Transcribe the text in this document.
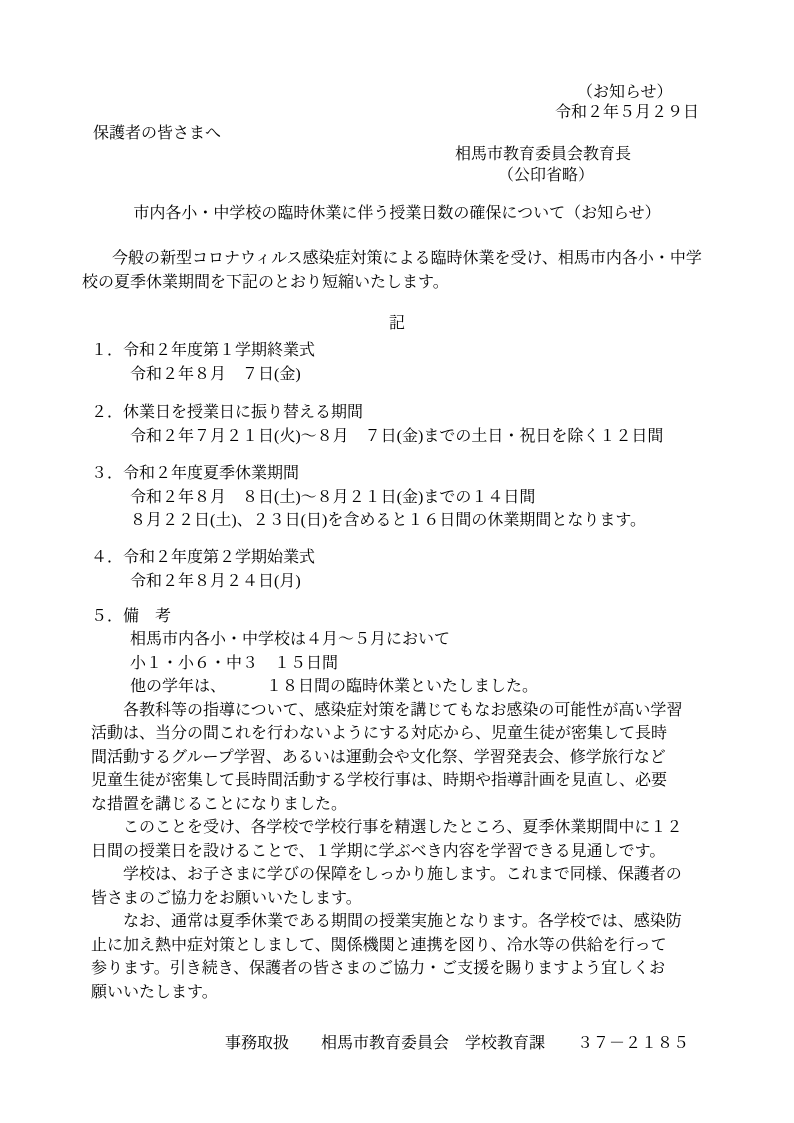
（お知らせ）
令和２年５月２９日
保護者の皆さまへ
相馬市教育委員会教育長
（公印省略）
市内各小・中学校の臨時休業に伴う授業日数の確保について（お知らせ）
今般の新型コロナウィルス感染症対策による臨時休業を受け、相馬市内各小・中学
校の夏季休業期間を下記のとおり短縮いたします。
記
１．令和２年度第１学期終業式
令和２年８月　７日(金)
２．休業日を授業日に振り替える期間
令和２年７月２１日(火)～８月　７日(金)までの土日・祝日を除く１２日間
３．令和２年度夏季休業期間
令和２年８月　８日(土)～８月２１日(金)までの１４日間
８月２２日(土)、２３日(日)を含めると１６日間の休業期間となります。
４．令和２年度第２学期始業式
令和２年８月２４日(月)
５．備　考
相馬市内各小・中学校は４月～５月において
小１・小６・中３　１５日間
他の学年は、　　　１８日間の臨時休業といたしました。
各教科等の指導について、感染症対策を講じてもなお感染の可能性が高い学習
活動は、当分の間これを行わないようにする対応から、児童生徒が密集して長時
間活動するグループ学習、あるいは運動会や文化祭、学習発表会、修学旅行など
児童生徒が密集して長時間活動する学校行事は、時期や指導計画を見直し、必要
な措置を講じることになりました。
このことを受け、各学校で学校行事を精選したところ、夏季休業期間中に１２
日間の授業日を設けることで、１学期に学ぶべき内容を学習できる見通しです。
学校は、お子さまに学びの保障をしっかり施します。これまで同様、保護者の
皆さまのご協力をお願いいたします。
なお、通常は夏季休業である期間の授業実施となります。各学校では、感染防
止に加え熱中症対策としまして、関係機関と連携を図り、冷水等の供給を行って
参ります。引き続き、保護者の皆さまのご協力・ご支援を賜りますよう宜しくお
願いいたします。
事務取扱　　相馬市教育委員会　学校教育課　　３７－２１８５
